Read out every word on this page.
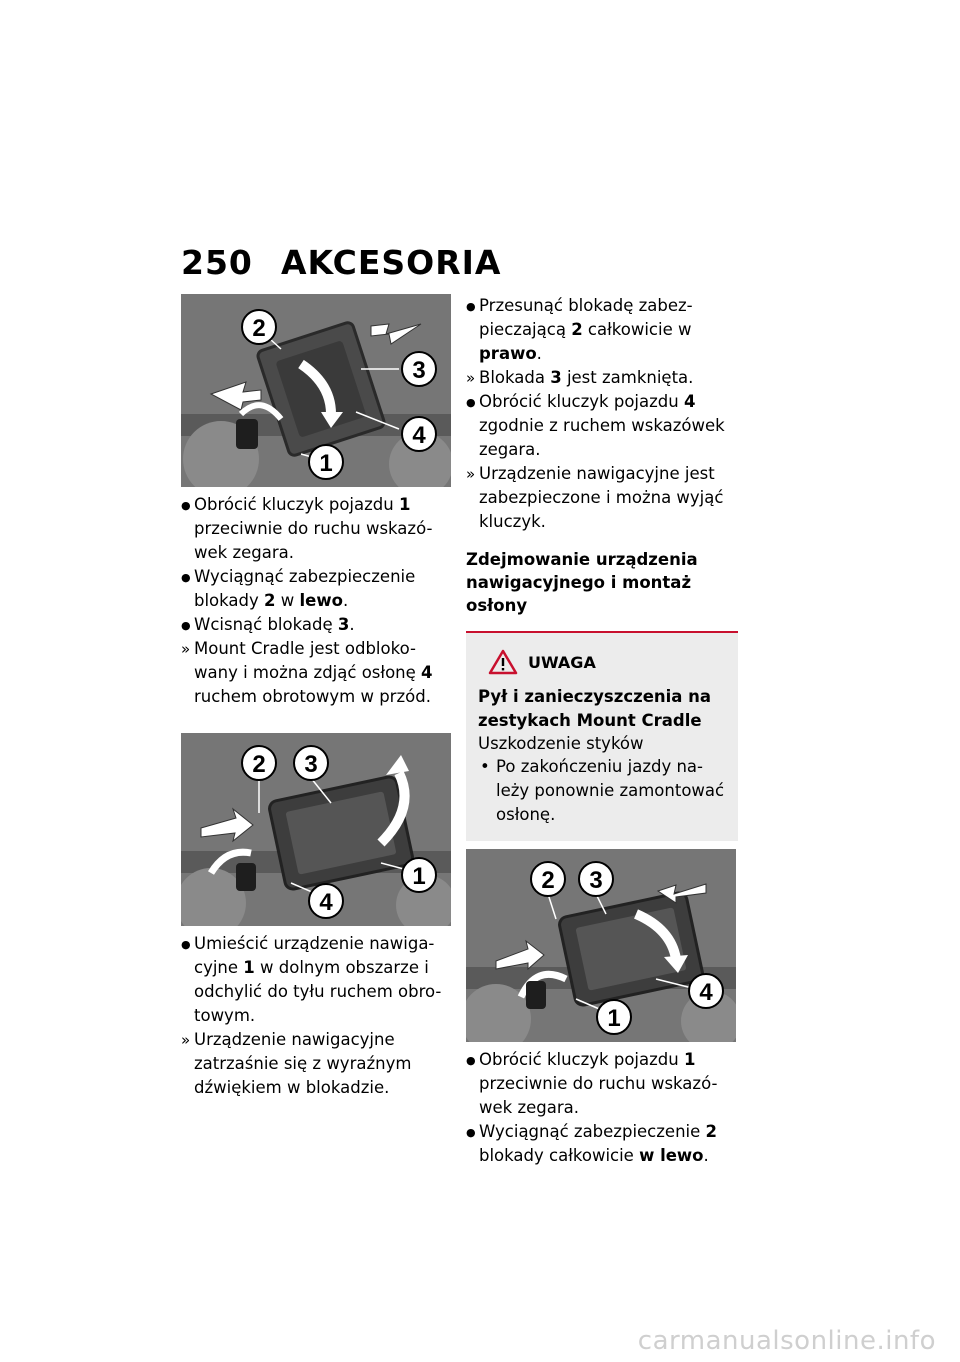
250 AKCESORIA
2
3
4
1
● Obrócić kluczyk pojazdu 1 przeciwnie do ruchu wskazó-wek zegara.
● Wyciągnąć zabezpieczenie blokady 2 w lewo.
● Wcisnąć blokadę 3.
» Mount Cradle jest odbloko-wany i można zdjąć osłonę 4 ruchem obrotowym w przód.
2 3
1
4
● Umieścić urządzenie nawiga-cyjne 1 w dolnym obszarze i odchylić do tyłu ruchem obro-towym.
» Urządzenie nawigacyjne zatrzaśnie się z wyraźnym dźwiękiem w blokadzie.
● Przesunąć blokadę zabez-pieczającą 2 całkowicie w prawo.
» Blokada 3 jest zamknięta.
● Obrócić kluczyk pojazdu 4 zgodnie z ruchem wskazówek zegara.
» Urządzenie nawigacyjne jest zabezpieczone i można wyjąć kluczyk.
Zdejmowanie urządzenia nawigacyjnego i montaż osłony
UWAGA
Pył i zanieczyszczenia na zestykach Mount Cradle
Uszkodzenie styków
• Po zakończeniu jazdy na-leży ponownie zamontować osłonę.
2 3
4
1
● Obrócić kluczyk pojazdu 1 przeciwnie do ruchu wskazó-wek zegara.
● Wyciągnąć zabezpieczenie 2 blokady całkowicie w lewo.
carmanualsonline.info
